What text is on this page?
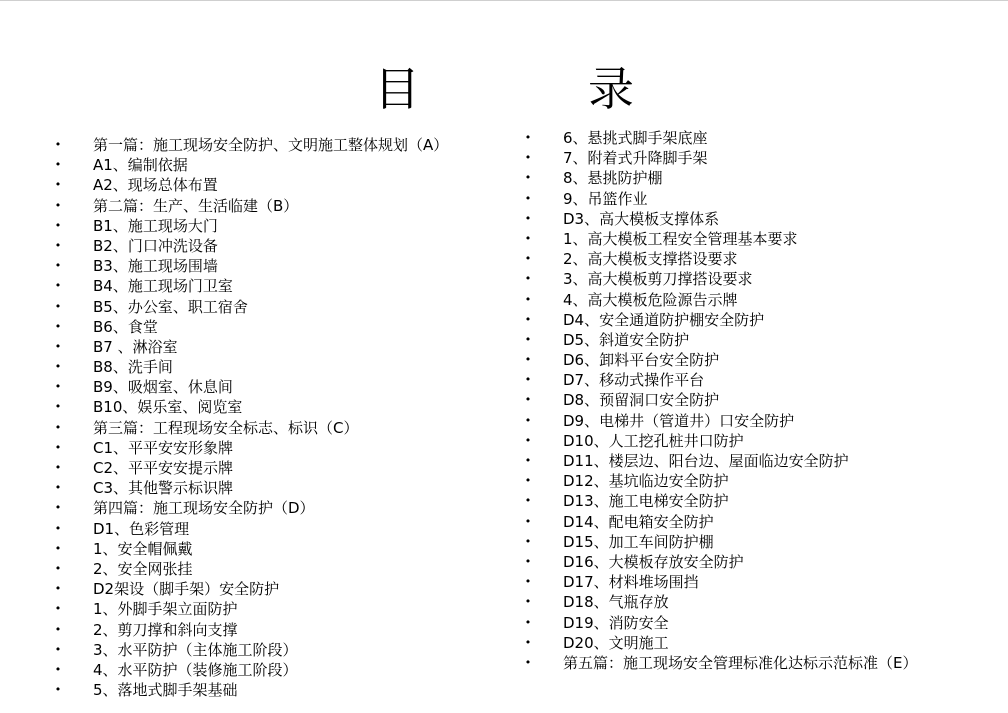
目	录
• 第一篇：施工现场安全防护、文明施工整体规划（A）
• A1、编制依据
• A2、现场总体布置
• 第二篇：生产、生活临建（B）
• B1、施工现场大门
• B2、门口冲洗设备
• B3、施工现场围墙
• B4、施工现场门卫室
• B5、办公室、职工宿舍
• B6、食堂
• B7 、淋浴室
• B8、洗手间
• B9、吸烟室、休息间
• B10、娱乐室、阅览室
• 第三篇：工程现场安全标志、标识（C）
• C1、平平安安形象牌
• C2、平平安安提示牌
• C3、其他警示标识牌
• 第四篇：施工现场安全防护（D）
• D1、色彩管理
• 1、安全帽佩戴
• 2、安全网张挂
• D2架设（脚手架）安全防护
• 1、外脚手架立面防护
• 2、剪刀撑和斜向支撑
• 3、水平防护（主体施工阶段）
• 4、水平防护（装修施工阶段）
• 5、落地式脚手架基础
• 6、悬挑式脚手架底座
• 7、附着式升降脚手架
• 8、悬挑防护棚
• 9、吊篮作业
• D3、高大模板支撑体系
• 1、高大模板工程安全管理基本要求
• 2、高大模板支撑搭设要求
• 3、高大模板剪刀撑搭设要求
• 4、高大模板危险源告示牌
• D4、安全通道防护棚安全防护
• D5、斜道安全防护
• D6、卸料平台安全防护
• D7、移动式操作平台
• D8、预留洞口安全防护
• D9、电梯井（管道井）口安全防护
• D10、人工挖孔桩井口防护
• D11、楼层边、阳台边、屋面临边安全防护
• D12、基坑临边安全防护
• D13、施工电梯安全防护
• D14、配电箱安全防护
• D15、加工车间防护棚
• D16、大模板存放安全防护
• D17、材料堆场围挡
• D18、气瓶存放
• D19、消防安全
• D20、文明施工
• 第五篇：施工现场安全管理标准化达标示范标准（E）
